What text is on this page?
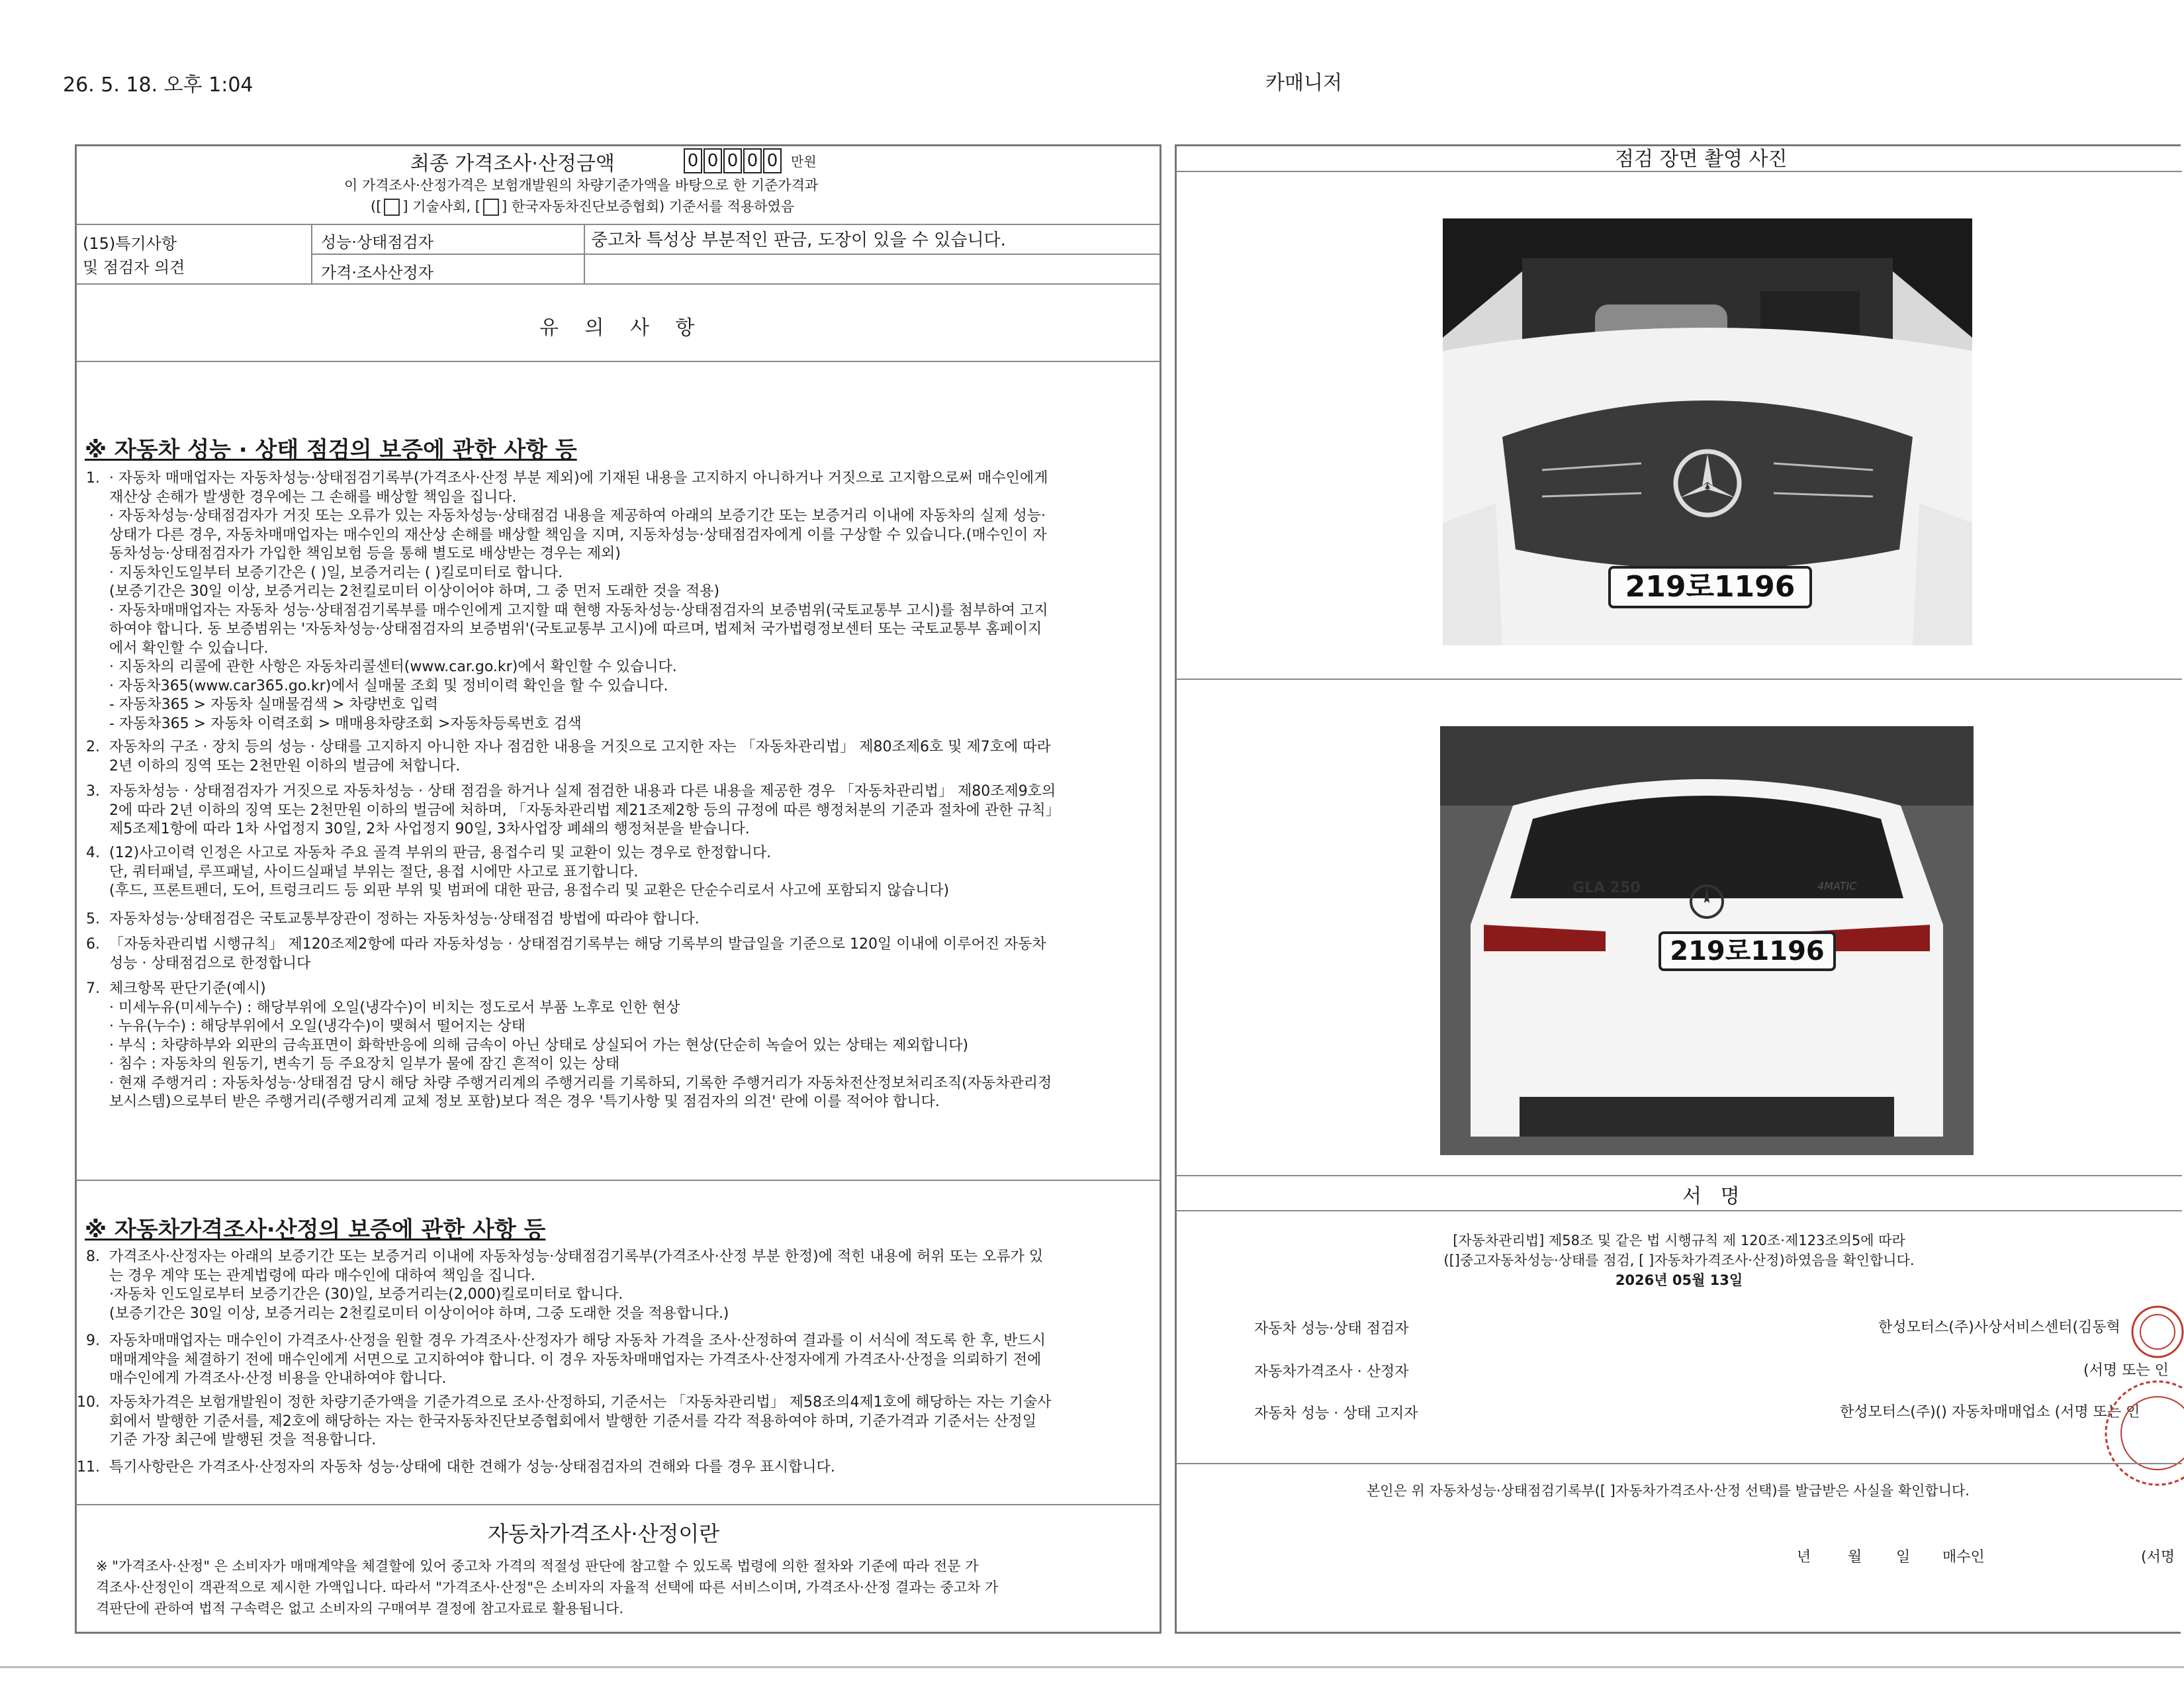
26. 5. 18. 오후 1:04	카매니저
최종 가격조사·산정금액	0 0 0 0 0 만원
이 가격조사·산정가격은 보험개발원의 차량기준가액을 바탕으로 한 기준가격과
([ ] 기술사회, [ ] 한국자동차진단보증협회) 기준서를 적용하였음
(15)특기사항
및 점검자 의견
성능·상태점검자	중고차 특성상 부분적인 판금, 도장이 있을 수 있습니다.
가격·조사산정자
유 의 사 항
※ 자동차 성능 · 상태 점검의 보증에 관한 사항 등
1. · 자동차 매매업자는 자동차성능·상태점검기록부(가격조사·산정 부분 제외)에 기재된 내용을 고지하지 아니하거나 거짓으로 고지함으로써 매수인에게
재산상 손해가 발생한 경우에는 그 손해를 배상할 책임을 집니다.
· 자동차성능·상태점검자가 거짓 또는 오류가 있는 자동차성능·상태점검 내용을 제공하여 아래의 보증기간 또는 보증거리 이내에 자동차의 실제 성능·
상태가 다른 경우, 자동차매매업자는 매수인의 재산상 손해를 배상할 책임을 지며, 지동차성능·상태점검자에게 이를 구상할 수 있습니다.(매수인이 자
동차성능·상태점검자가 가입한 책임보험 등을 통해 별도로 배상받는 경우는 제외)
· 지동차인도일부터 보증기간은 ( )일, 보증거리는 ( )킬로미터로 합니다.
(보증기간은 30일 이상, 보증거리는 2천킬로미터 이상이어야 하며, 그 중 먼저 도래한 것을 적용)
· 자동차매매업자는 자동차 성능·상태점검기록부를 매수인에게 고지할 때 현행 자동차성능·상태점검자의 보증범위(국토교통부 고시)를 첨부하여 고지
하여야 합니다. 동 보증범위는 '자동차성능·상태점검자의 보증범위'(국토교통부 고시)에 따르며, 법제처 국가법령정보센터 또는 국토교통부 홈페이지
에서 확인할 수 있습니다.
· 지동차의 리콜에 관한 사항은 자동차리콜센터(www.car.go.kr)에서 확인할 수 있습니다.
· 자동차365(www.car365.go.kr)에서 실매물 조회 및 정비이력 확인을 할 수 있습니다.
- 자동차365 > 자동차 실매물검색 > 차량번호 입력
- 자동차365 > 자동차 이력조회 > 매매용차량조회 >자동차등록번호 검색
2. 자동차의 구조 · 장치 등의 성능 · 상태를 고지하지 아니한 자나 점검한 내용을 거짓으로 고지한 자는 「자동차관리법」 제80조제6호 및 제7호에 따라
2년 이하의 징역 또는 2천만원 이하의 벌금에 처합니다.
3. 자동차성능 · 상태점검자가 거짓으로 자동차성능 · 상태 점검을 하거나 실제 점검한 내용과 다른 내용을 제공한 경우 「자동차관리법」 제80조제9호의
2에 따라 2년 이하의 징역 또는 2천만원 이하의 벌금에 처하며, 「자동차관리법 제21조제2항 등의 규정에 따른 행정처분의 기준과 절차에 관한 규칙」
제5조제1항에 따라 1차 사업정지 30일, 2차 사업정지 90일, 3차사업장 폐쇄의 행정처분을 받습니다.
4. (12)사고이력 인정은 사고로 자동차 주요 골격 부위의 판금, 용접수리 및 교환이 있는 경우로 한정합니다.
단, 쿼터패널, 루프패널, 사이드실패널 부위는 절단, 용접 시에만 사고로 표기합니다.
(후드, 프론트펜더, 도어, 트렁크리드 등 외판 부위 및 범퍼에 대한 판금, 용접수리 및 교환은 단순수리로서 사고에 포함되지 않습니다)
5. 자동차성능·상태점검은 국토교통부장관이 정하는 자동차성능·상태점검 방법에 따라야 합니다.
6. 「자동차관리법 시행규칙」 제120조제2항에 따라 자동차성능 · 상태점검기록부는 해당 기록부의 발급일을 기준으로 120일 이내에 이루어진 자동차
성능 · 상태점검으로 한정합니다
7. 체크항목 판단기준(예시)
· 미세누유(미세누수) : 해당부위에 오일(냉각수)이 비치는 정도로서 부품 노후로 인한 현상
· 누유(누수) : 해당부위에서 오일(냉각수)이 맺혀서 떨어지는 상태
· 부식 : 차량하부와 외판의 금속표면이 화학반응에 의해 금속이 아닌 상태로 상실되어 가는 현상(단순히 녹슬어 있는 상태는 제외합니다)
· 침수 : 자동차의 원동기, 변속기 등 주요장치 일부가 물에 잠긴 흔적이 있는 상태
· 현재 주행거리 : 자동차성능·상태점검 당시 해당 차량 주행거리계의 주행거리를 기록하되, 기록한 주행거리가 자동차전산정보처리조직(자동차관리정
보시스템)으로부터 받은 주행거리(주행거리계 교체 정보 포함)보다 적은 경우 '특기사항 및 점검자의 의견' 란에 이를 적어야 합니다.
※ 자동차가격조사·산정의 보증에 관한 사항 등
8. 가격조사·산정자는 아래의 보증기간 또는 보증거리 이내에 자동차성능·상태점검기록부(가격조사·산정 부분 한정)에 적힌 내용에 허위 또는 오류가 있
는 경우 계약 또는 관계법령에 따라 매수인에 대하여 책임을 집니다.
·자동차 인도일로부터 보증기간은 (30)일, 보증거리는(2,000)킬로미터로 합니다.
(보증기간은 30일 이상, 보증거리는 2천킬로미터 이상이어야 하며, 그중 도래한 것을 적용합니다.)
9. 자동차매매업자는 매수인이 가격조사·산정을 원할 경우 가격조사·산정자가 해당 자동차 가격을 조사·산정하여 결과를 이 서식에 적도록 한 후, 반드시
매매계약을 체결하기 전에 매수인에게 서면으로 고지하여야 합니다. 이 경우 자동차매매업자는 가격조사·산정자에게 가격조사·산정을 의뢰하기 전에
매수인에게 가격조사·산정 비용을 안내하여야 합니다.
10. 자동차가격은 보험개발원이 정한 차량기준가액을 기준가격으로 조사·산정하되, 기준서는 「자동차관리법」 제58조의4제1호에 해당하는 자는 기술사
회에서 발행한 기준서를, 제2호에 해당하는 자는 한국자동차진단보증협회에서 발행한 기준서를 각각 적용하여야 하며, 기준가격과 기준서는 산정일
기준 가장 최근에 발행된 것을 적용합니다.
11. 특기사항란은 가격조사·산정자의 자동차 성능·상태에 대한 견해가 성능·상태점검자의 견해와 다를 경우 표시합니다.
자동차가격조사·산정이란
※ "가격조사·산정" 은 소비자가 매매계약을 체결할에 있어 중고차 가격의 적절성 판단에 참고할 수 있도록 법령에 의한 절차와 기준에 따라 전문 가
격조사·산정인이 객관적으로 제시한 가액입니다. 따라서 "가격조사·산정"은 소비자의 자율적 선택에 따른 서비스이며, 가격조사·산정 결과는 중고차 가
격판단에 관하여 법적 구속력은 없고 소비자의 구매여부 결정에 참고자료로 활용됩니다.
점검 장면 촬영 사진
219로1196
GLA 250	4MATIC
219로1196
서   명
[자동차관리법] 제58조 및 같은 법 시행규칙 제 120조·제123조의5에 따라
([]중고자동차성능·상태를 점검, [ ]자동차가격조사·산정)하였음을 확인합니다.
2026년 05월 13일
자동차 성능·상태 점검자	한성모터스(주)사상서비스센터(김동혁
자동차가격조사 · 산정자	(서명 또는 인
자동차 성능 · 상태 고지자	한성모터스(주)() 자동차매매업소 (서명 또는 인
본인은 위 자동차성능·상태점검기록부([ ]자동차가격조사·산정 선택)를 발급받은 사실을 확인합니다.
년	월 일 매수인	(서명
